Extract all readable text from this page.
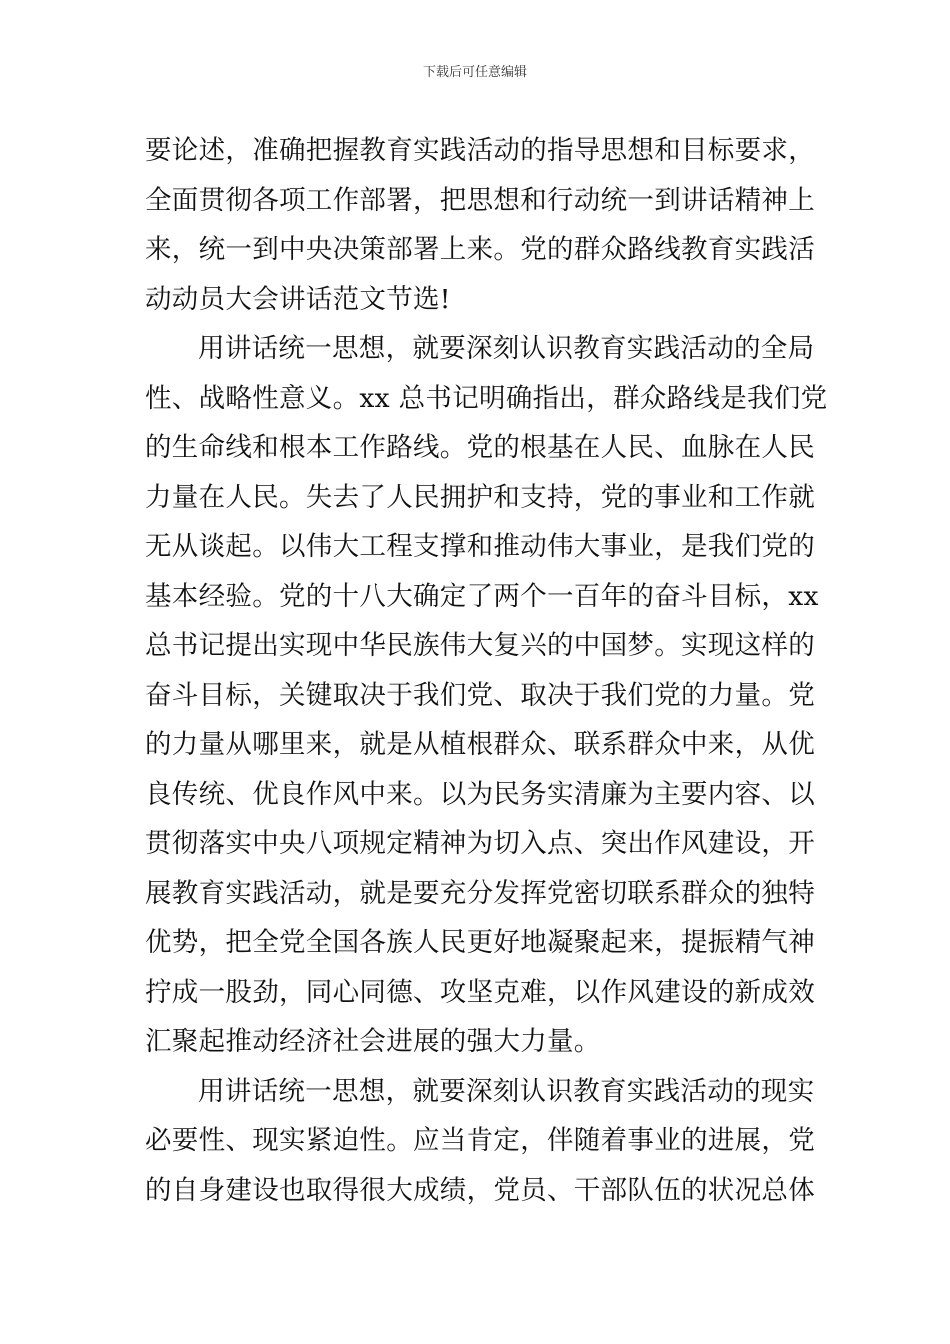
下载后可任意编辑
要论述，准确把握教育实践活动的指导思想和目标要求，
全面贯彻各项工作部署，把思想和行动统一到讲话精神上
来，统一到中央决策部署上来。党的群众路线教育实践活
动动员大会讲话范文节选!
用讲话统一思想，就要深刻认识教育实践活动的全局
性、战略性意义。xx 总书记明确指出，群众路线是我们党
的生命线和根本工作路线。党的根基在人民、血脉在人民
力量在人民。失去了人民拥护和支持，党的事业和工作就
无从谈起。以伟大工程支撑和推动伟大事业，是我们党的
基本经验。党的十八大确定了两个一百年的奋斗目标，xx
总书记提出实现中华民族伟大复兴的中国梦。实现这样的
奋斗目标，关键取决于我们党、取决于我们党的力量。党
的力量从哪里来，就是从植根群众、联系群众中来，从优
良传统、优良作风中来。以为民务实清廉为主要内容、以
贯彻落实中央八项规定精神为切入点、突出作风建设，开
展教育实践活动，就是要充分发挥党密切联系群众的独特
优势，把全党全国各族人民更好地凝聚起来，提振精气神
拧成一股劲，同心同德、攻坚克难，以作风建设的新成效
汇聚起推动经济社会进展的强大力量。
用讲话统一思想，就要深刻认识教育实践活动的现实
必要性、现实紧迫性。应当肯定，伴随着事业的进展，党
的自身建设也取得很大成绩，党员、干部队伍的状况总体
